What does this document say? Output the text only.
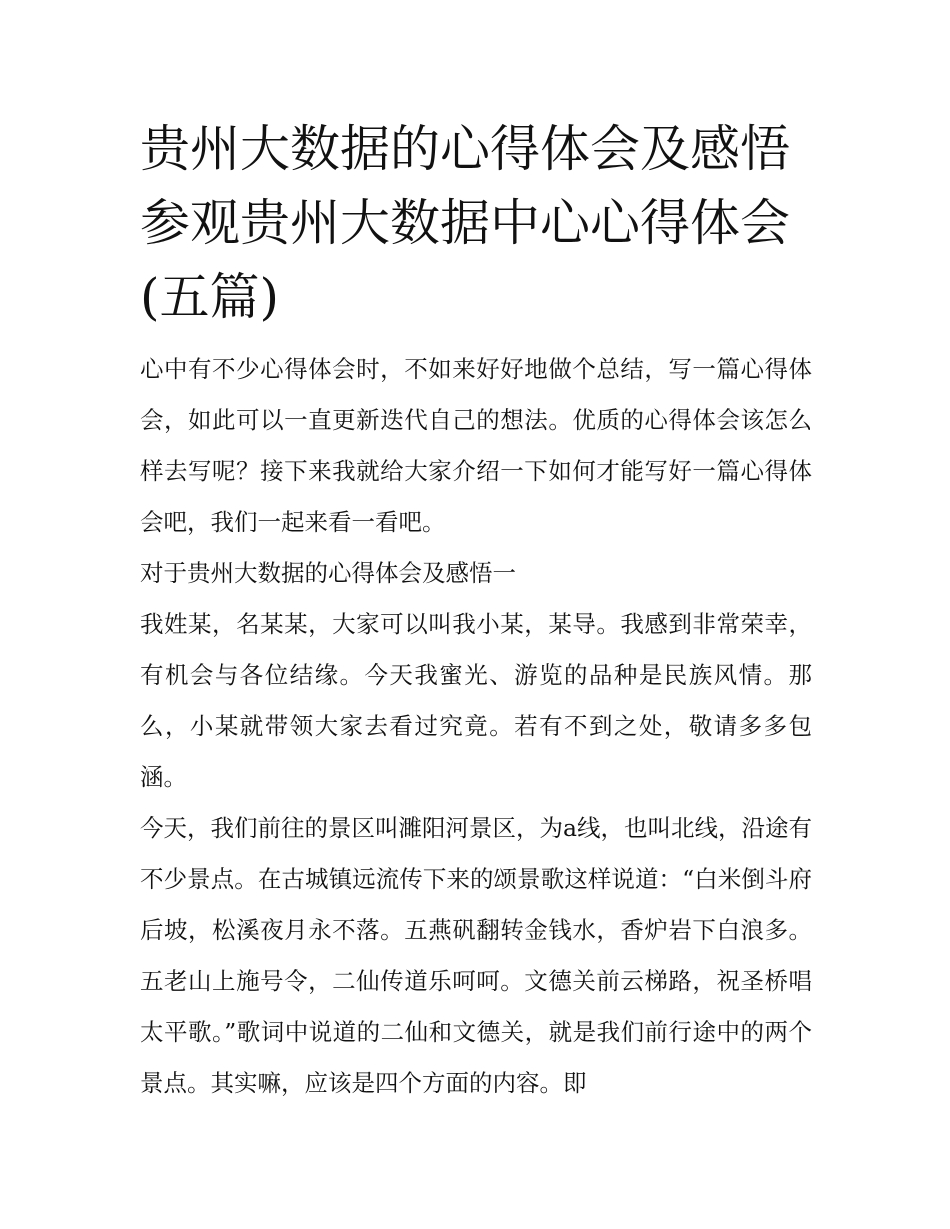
贵州大数据的心得体会及感悟参观贵州大数据中心心得体会(五篇)

心中有不少心得体会时，不如来好好地做个总结，写一篇心得体会，如此可以一直更新迭代自己的想法。优质的心得体会该怎么样去写呢？接下来我就给大家介绍一下如何才能写好一篇心得体会吧，我们一起来看一看吧。

对于贵州大数据的心得体会及感悟一

我姓某，名某某，大家可以叫我小某，某导。我感到非常荣幸，有机会与各位结缘。今天我蜜光、游览的品种是民族风情。那么，小某就带领大家去看过究竟。若有不到之处，敬请多多包涵。

今天，我们前往的景区叫濉阳河景区，为a线，也叫北线，沿途有不少景点。在古城镇远流传下来的颂景歌这样说道：“白米倒斗府后坡，松溪夜月永不落。五燕矾翻转金钱水，香炉岩下白浪多。五老山上施号令，二仙传道乐呵呵。文德关前云梯路，祝圣桥唱太平歌。”歌词中说道的二仙和文德关，就是我们前行途中的两个景点。其实嘛，应该是四个方面的内容。即
